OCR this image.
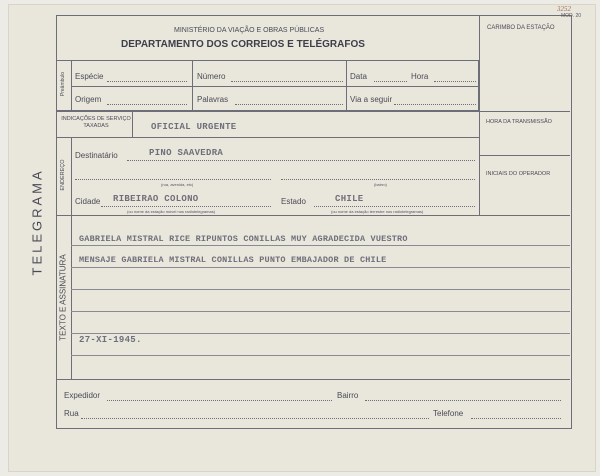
3252
MOD. 20
MINISTÉRIO DA VIAÇÃO E OBRAS PÚBLICAS
DEPARTAMENTO DOS CORREIOS E TELÉGRAFOS
CARIMBO DA ESTAÇÃO
TELEGRAMA
Preâmbulo Espécie	Número	Data	Hora
Origem	Palavras	Via a seguir
INDICAÇÕES DE SERVIÇO TAXADAS	OFICIAL URGENTE	HORA DA TRANSMISSÃO
INICIAIS DO OPERADOR
ENDEREÇO
Destinatário	PINO SAAVEDRA
(rua, avenida, etc)	(bairro)
Cidade RIBEIRAO COLONO
(ou nome da estação móvel nos radiotelegramas)
Estado	CHILE
(ou nome da estação terrestre nos radiotelegramas)
TEXTO E ASSINATURA
GABRIELA MISTRAL RICE RIPUNTOS CONILLAS MUY AGRADECIDA VUESTRO
MENSAJE GABRIELA MISTRAL CONILLAS PUNTO EMBAJADOR DE CHILE
27-XI-1945.
Expedidor	Bairro
Rua	Telefone
